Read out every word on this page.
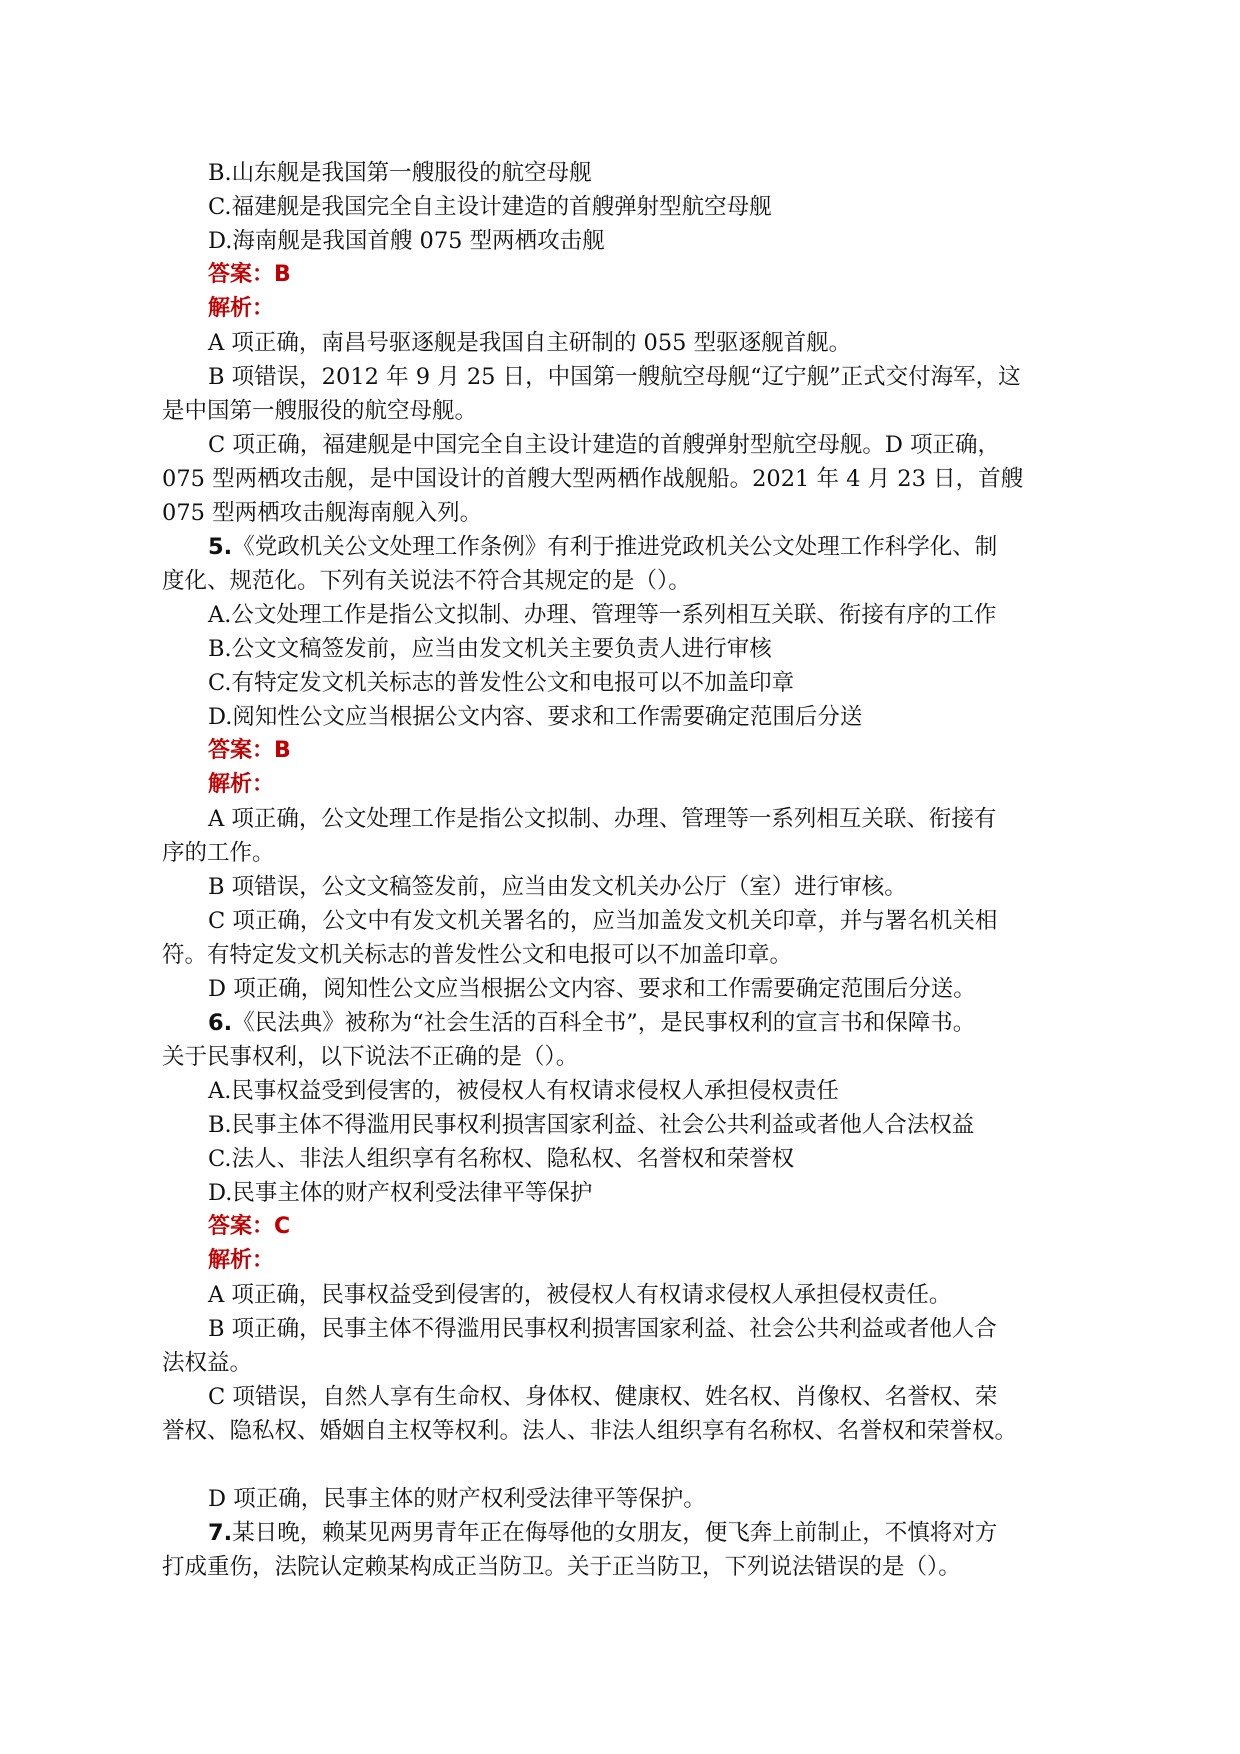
B.山东舰是我国第一艘服役的航空母舰

C.福建舰是我国完全自主设计建造的首艘弹射型航空母舰

D.海南舰是我国首艘 075 型两栖攻击舰

答案：B

解析：

A 项正确，南昌号驱逐舰是我国自主研制的 055 型驱逐舰首舰。

B 项错误，2012 年 9 月 25 日，中国第一艘航空母舰“辽宁舰”正式交付海军，这

是中国第一艘服役的航空母舰。

C 项正确，福建舰是中国完全自主设计建造的首艘弹射型航空母舰。D 项正确，

075 型两栖攻击舰，是中国设计的首艘大型两栖作战舰船。2021 年 4 月 23 日，首艘

075 型两栖攻击舰海南舰入列。

5.《党政机关公文处理工作条例》有利于推进党政机关公文处理工作科学化、制

度化、规范化。下列有关说法不符合其规定的是（）。

A.公文处理工作是指公文拟制、办理、管理等一系列相互关联、衔接有序的工作

B.公文文稿签发前，应当由发文机关主要负责人进行审核

C.有特定发文机关标志的普发性公文和电报可以不加盖印章

D.阅知性公文应当根据公文内容、要求和工作需要确定范围后分送

答案：B

解析：

A 项正确，公文处理工作是指公文拟制、办理、管理等一系列相互关联、衔接有

序的工作。

B 项错误，公文文稿签发前，应当由发文机关办公厅（室）进行审核。

C 项正确，公文中有发文机关署名的，应当加盖发文机关印章，并与署名机关相

符。有特定发文机关标志的普发性公文和电报可以不加盖印章。

D 项正确，阅知性公文应当根据公文内容、要求和工作需要确定范围后分送。

6.《民法典》被称为“社会生活的百科全书”，是民事权利的宣言书和保障书。

关于民事权利，以下说法不正确的是（）。

A.民事权益受到侵害的，被侵权人有权请求侵权人承担侵权责任

B.民事主体不得滥用民事权利损害国家利益、社会公共利益或者他人合法权益

C.法人、非法人组织享有名称权、隐私权、名誉权和荣誉权

D.民事主体的财产权利受法律平等保护

答案：C

解析：

A 项正确，民事权益受到侵害的，被侵权人有权请求侵权人承担侵权责任。

B 项正确，民事主体不得滥用民事权利损害国家利益、社会公共利益或者他人合

法权益。

C 项错误，自然人享有生命权、身体权、健康权、姓名权、肖像权、名誉权、荣

誉权、隐私权、婚姻自主权等权利。法人、非法人组织享有名称权、名誉权和荣誉权。

D 项正确，民事主体的财产权利受法律平等保护。

7.某日晚，赖某见两男青年正在侮辱他的女朋友，便飞奔上前制止，不慎将对方

打成重伤，法院认定赖某构成正当防卫。关于正当防卫，下列说法错误的是（）。
